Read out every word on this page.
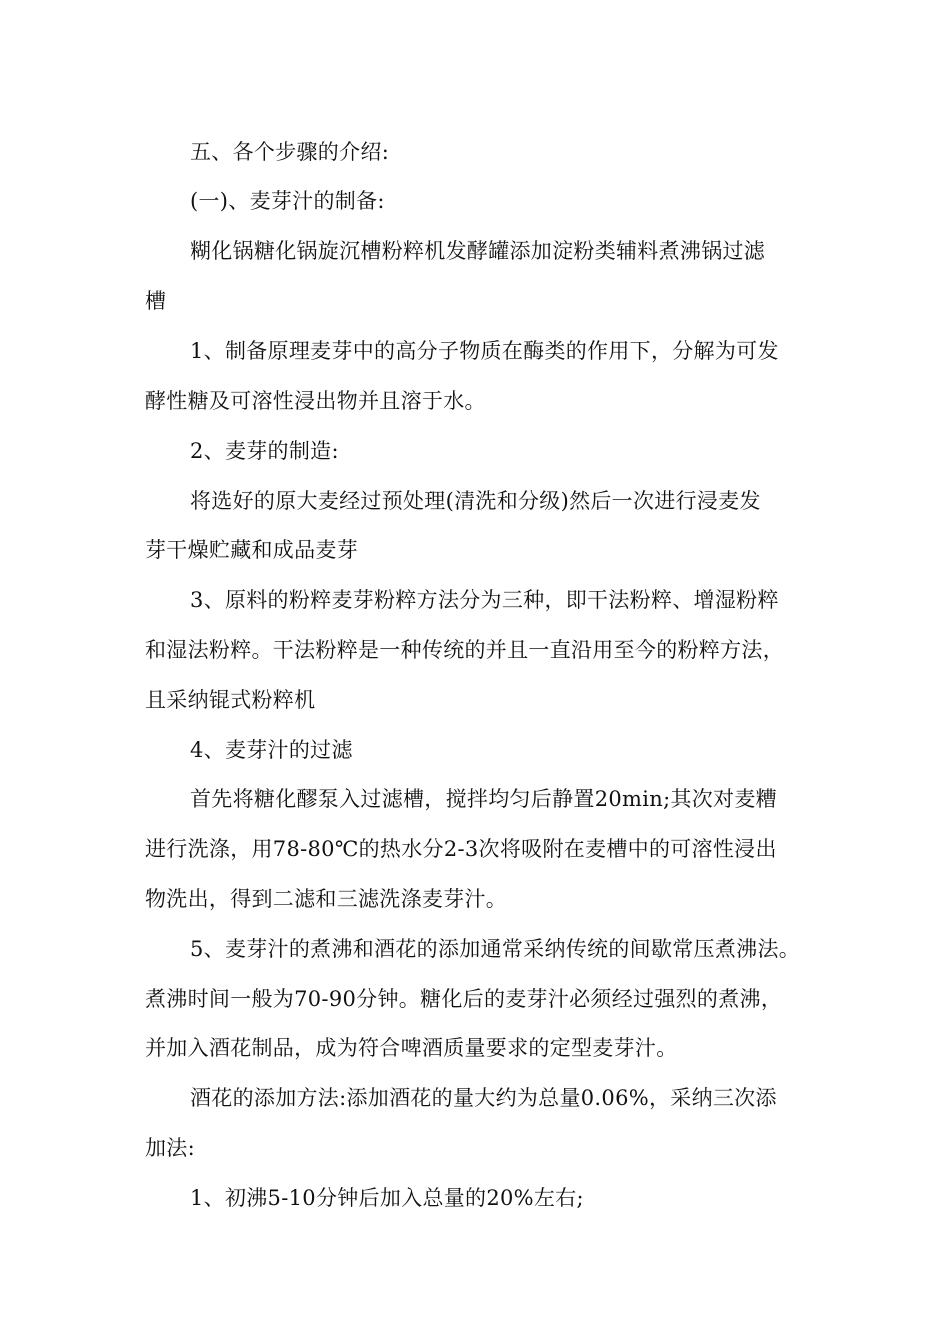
五、各个步骤的介绍:
(一)、麦芽汁的制备:
糊化锅糖化锅旋沉槽粉粹机发酵罐添加淀粉类辅料煮沸锅过滤
槽
1、制备原理麦芽中的高分子物质在酶类的作用下，分解为可发
酵性糖及可溶性浸出物并且溶于水。
2、麦芽的制造:
将选好的原大麦经过预处理(清洗和分级)然后一次进行浸麦发
芽干燥贮藏和成品麦芽
3、原料的粉粹麦芽粉粹方法分为三种，即干法粉粹、增湿粉粹
和湿法粉粹。干法粉粹是一种传统的并且一直沿用至今的粉粹方法，
且采纳锟式粉粹机
4、麦芽汁的过滤
首先将糖化醪泵入过滤槽，搅拌均匀后静置20min;其次对麦糟
进行洗涤，用78-80℃的热水分2-3次将吸附在麦槽中的可溶性浸出
物洗出，得到二滤和三滤洗涤麦芽汁。
5、麦芽汁的煮沸和酒花的添加通常采纳传统的间歇常压煮沸法。
煮沸时间一般为70-90分钟。糖化后的麦芽汁必须经过强烈的煮沸，
并加入酒花制品，成为符合啤酒质量要求的定型麦芽汁。
酒花的添加方法:添加酒花的量大约为总量0.06%，采纳三次添
加法:
1、初沸5-10分钟后加入总量的20%左右;
